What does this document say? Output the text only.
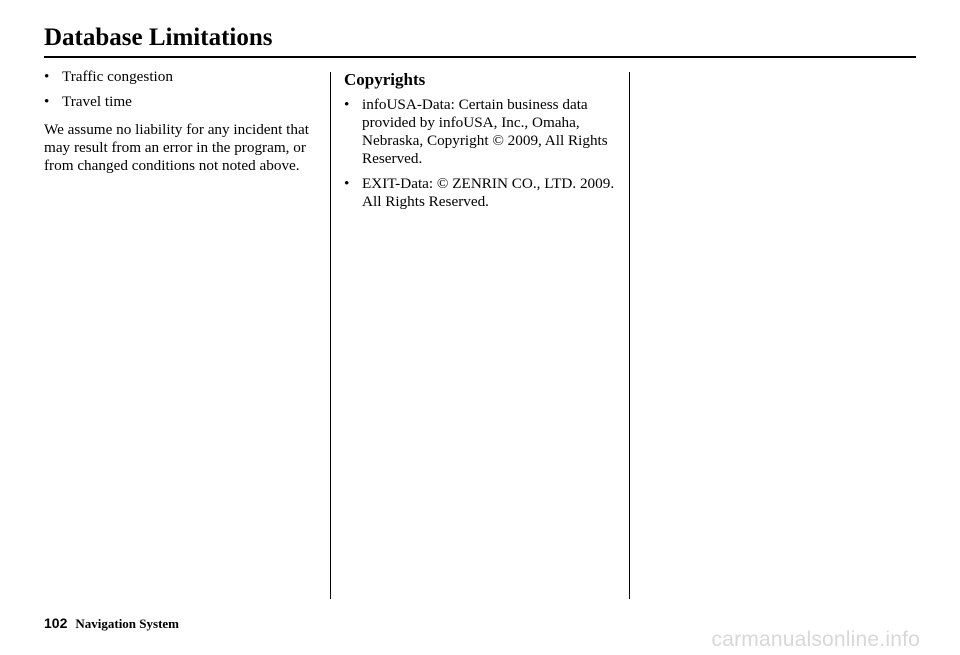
Database Limitations
• Traffic congestion
• Travel time
We assume no liability for any incident that may result from an error in the program, or from changed conditions not noted above.
Copyrights
• infoUSA-Data: Certain business data provided by infoUSA, Inc., Omaha, Nebraska, Copyright © 2009, All Rights Reserved.
• EXIT-Data: © ZENRIN CO., LTD. 2009. All Rights Reserved.
102 Navigation System
carmanualsonline.info
